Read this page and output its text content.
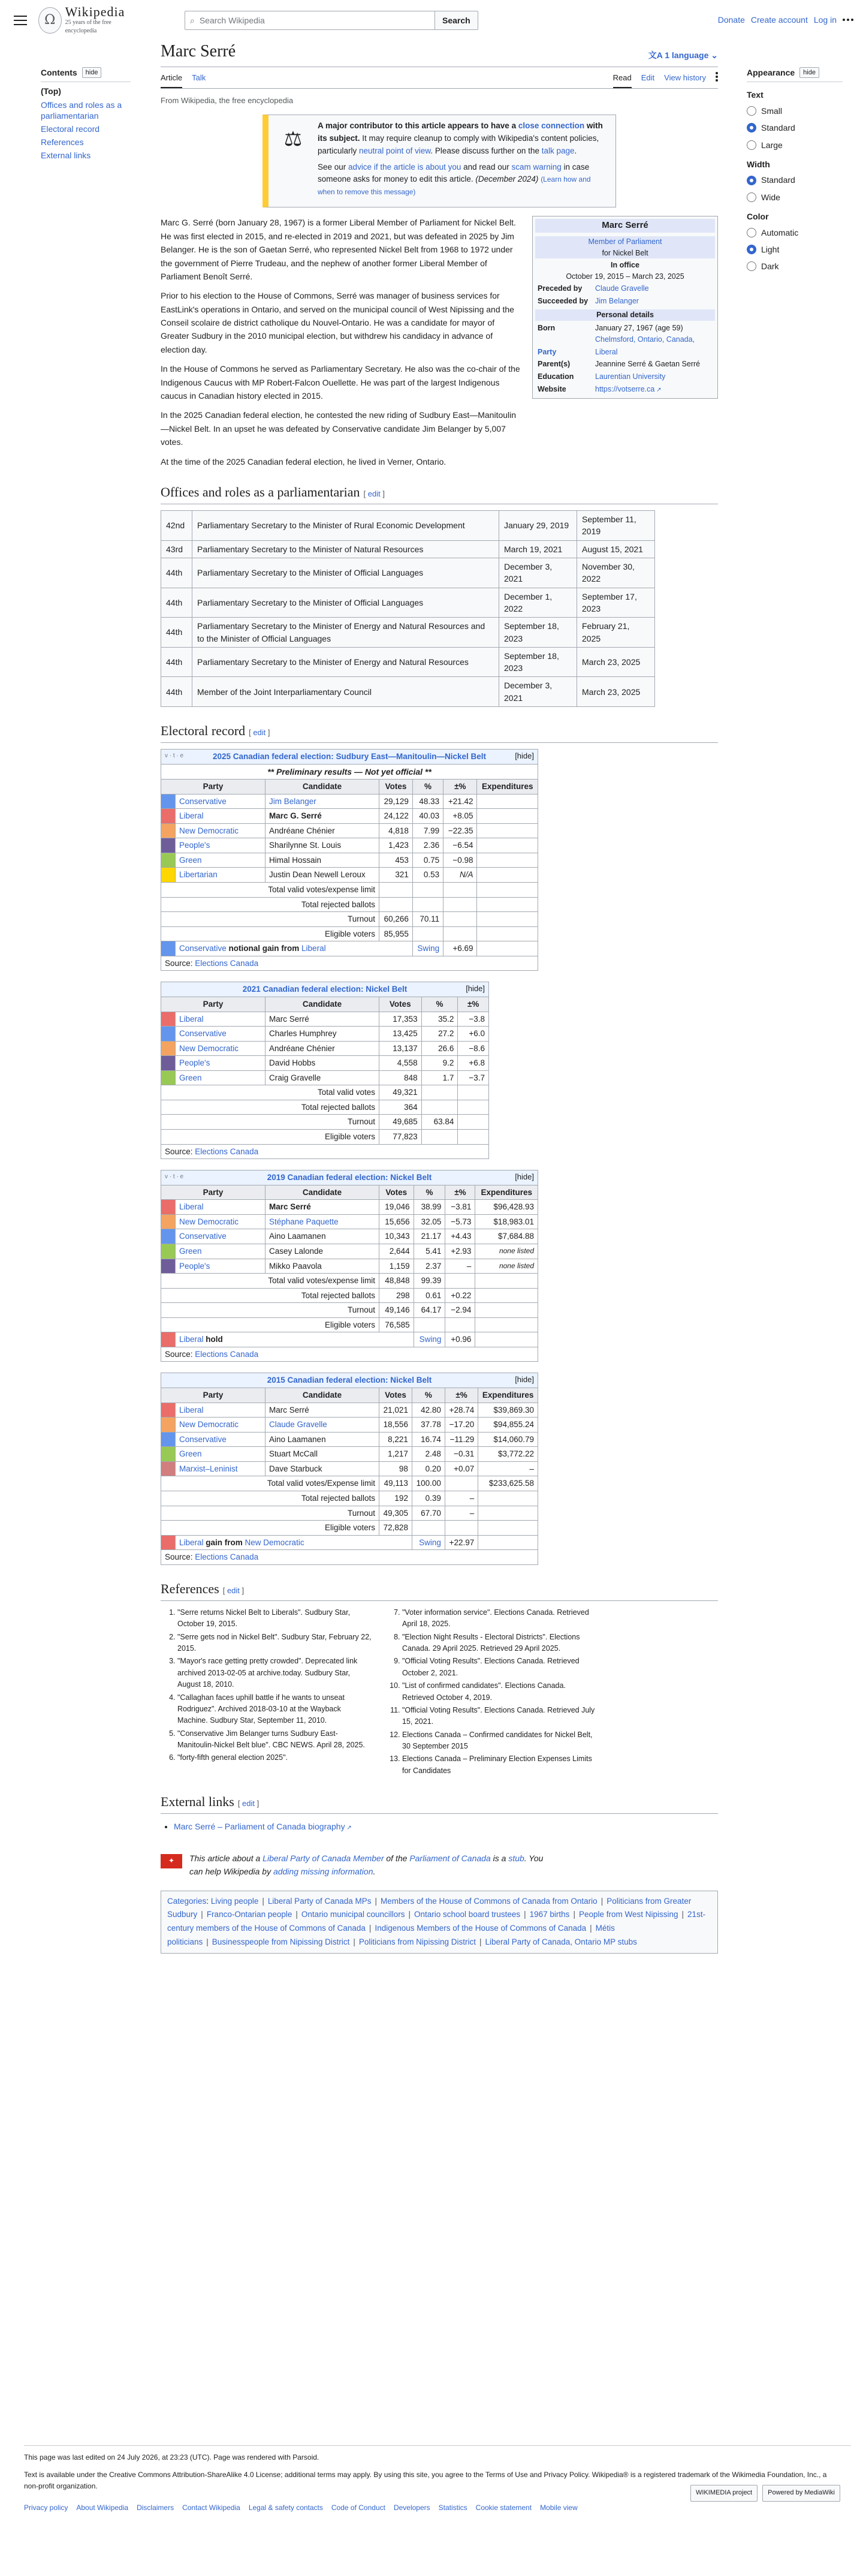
Ω
Wikipedia
25 years of the free encyclopedia
⌕ Search Wikipedia	Search	Donate Create account Log in
Contents	hide
(Top)
Offices and roles as a parliamentarian
Electoral record
References
External links
Appearance	hide
Text
Small
Standard
Large
Width
Standard
Wide
Color
Automatic
Light
Dark
Marc Serré	文A 1 language ⌄
Article Talk	Read Edit View history
From Wikipedia, the free encyclopedia
⚖

A major contributor to this article appears to have a close connection with its subject. It may require cleanup to comply with Wikipedia's content policies, particularly neutral point of view. Please discuss further on the talk page.

See our advice if the article is about you and read our scam warning in case someone asks for money to edit this article. (December 2024) (Learn how and when to remove this message)

Marc Serré
Member of Parliament
for Nickel Belt
In office
October 19, 2015 – March 23, 2025
Preceded by	Claude Gravelle
Succeeded by Jim Belanger
Personal details
Born	January 27, 1967 (age 59)
Chelmsford, Ontario, Canada,
Party	Liberal
Parent(s)	Jeannine Serré & Gaetan Serré
Education	Laurentian University
Website	https://votserre.ca ↗

Marc G. Serré (born January 28, 1967) is a former Liberal Member of Parliament for Nickel Belt. He was first elected in 2015, and re-elected in 2019 and 2021, but was defeated in 2025 by Jim Belanger. He is the son of Gaetan Serré, who represented Nickel Belt from 1968 to 1972 under the government of Pierre Trudeau, and the nephew of another former Liberal Member of Parliament Benoît Serré.

Prior to his election to the House of Commons, Serré was manager of business services for EastLink's operations in Ontario, and served on the municipal council of West Nipissing and the Conseil scolaire de district catholique du Nouvel-Ontario. He was a candidate for mayor of Greater Sudbury in the 2010 municipal election, but withdrew his candidacy in advance of election day.

In the House of Commons he served as Parliamentary Secretary. He also was the co-chair of the Indigenous Caucus with MP Robert-Falcon Ouellette. He was part of the largest Indigenous caucus in Canadian history elected in 2015.

In the 2025 Canadian federal election, he contested the new riding of Sudbury East—Manitoulin—Nickel Belt. In an upset he was defeated by Conservative candidate Jim Belanger by 5,007 votes.

At the time of the 2025 Canadian federal election, he lived in Verner, Ontario.

Offices and roles as a parliamentarian [ edit ]
42nd	Parliamentary Secretary to the Minister of Rural Economic Development	January 29, 2019	September 11, 2019
43rd	Parliamentary Secretary to the Minister of Natural Resources	March 19, 2021	August 15, 2021
44th	Parliamentary Secretary to the Minister of Official Languages	December 3, 2021	November 30, 2022
44th	Parliamentary Secretary to the Minister of Official Languages	December 1, 2022	September 17, 2023
44th	Parliamentary Secretary to the Minister of Energy and Natural Resources and to the Minister of Official Languages	September 18, 2023	February 21, 2025
44th	Parliamentary Secretary to the Minister of Energy and Natural Resources	September 18, 2023	March 23, 2025
44th	Member of the Joint Interparliamentary Council	December 3, 2021	March 23, 2025
Electoral record [ edit ]
v · t · e 2025 Canadian federal election: Sudbury East—Manitoulin—Nickel Belt [hide]						

** Preliminary results — Not yet official **						
Party		Candidate	Votes	%	±%	Expenditures
	Conservative	Jim Belanger	29,129	48.33	+21.42	
	Liberal	Marc G. Serré	24,122	40.03	+8.05	
	New Democratic	Andréane Chénier	4,818	7.99	−22.35	
	People's	Sharilynne St. Louis	1,423	2.36	−6.54	
	Green	Himal Hossain	453	0.75	−0.98	
	Libertarian	Justin Dean Newell Leroux	321	0.53	N/A	
Total valid votes/expense limit						
Total rejected ballots						
Turnout			60,266	70.11		
Eligible voters			85,955			
	Conservative notional gain from Liberal			Swing	+6.69	
Source: Elections Canada						
2021 Canadian federal election: Nickel Belt [hide]					

Party		Candidate	Votes	%	±%
	Liberal	Marc Serré	17,353	35.2	−3.8
	Conservative	Charles Humphrey	13,425	27.2	+6.0
	New Democratic	Andréane Chénier	13,137	26.6	−8.6
	People's	David Hobbs	4,558	9.2	+6.8
	Green	Craig Gravelle	848	1.7	−3.7
Total valid votes			49,321		
Total rejected ballots			364		
Turnout			49,685	63.84	
Eligible voters			77,823		
Source: Elections Canada					
v · t · e 2019 Canadian federal election: Nickel Belt [hide]						

Party		Candidate	Votes	%	±%	Expenditures
	Liberal	Marc Serré	19,046	38.99	−3.81	$96,428.93
	New Democratic	Stéphane Paquette	15,656	32.05	−5.73	$18,983.01
	Conservative	Aino Laamanen	10,343	21.17	+4.43	$7,684.88
	Green	Casey Lalonde	2,644	5.41	+2.93	none listed
	People's	Mikko Paavola	1,159	2.37	–	none listed
Total valid votes/expense limit			48,848	99.39		
Total rejected ballots			298	0.61	+0.22	
Turnout			49,146	64.17	−2.94	
Eligible voters			76,585			
	Liberal hold			Swing	+0.96	
Source: Elections Canada						
2015 Canadian federal election: Nickel Belt [hide]						

Party		Candidate	Votes	%	±%	Expenditures
	Liberal	Marc Serré	21,021	42.80	+28.74	$39,869.30
	New Democratic	Claude Gravelle	18,556	37.78	−17.20	$94,855.24
	Conservative	Aino Laamanen	8,221	16.74	−11.29	$14,060.79
	Green	Stuart McCall	1,217	2.48	−0.31	$3,772.22
	Marxist–Leninist	Dave Starbuck	98	0.20	+0.07	–
Total valid votes/Expense limit			49,113	100.00		$233,625.58
Total rejected ballots			192	0.39	–	
Turnout			49,305	67.70	–	
Eligible voters			72,828			
	Liberal gain from New Democratic			Swing	+22.97	
Source: Elections Canada						
References [ edit ]
1. "Serre returns Nickel Belt to Liberals". Sudbury Star, October 19, 2015.
2. "Serre gets nod in Nickel Belt". Sudbury Star, February 22, 2015.
3. "Mayor's race getting pretty crowded". Deprecated link archived 2013-02-05 at archive.today. Sudbury Star, August 18, 2010.
4. "Callaghan faces uphill battle if he wants to unseat Rodriguez". Archived 2018-03-10 at the Wayback Machine. Sudbury Star, September 11, 2010.
5. "Conservative Jim Belanger turns Sudbury East-Manitoulin-Nickel Belt blue". CBC NEWS. April 28, 2025.
6. "forty-fifth general election 2025".
7. "Voter information service". Elections Canada. Retrieved April 18, 2025.
8. "Election Night Results - Electoral Districts". Elections Canada. 29 April 2025. Retrieved 29 April 2025.
9. "Official Voting Results". Elections Canada. Retrieved October 2, 2021.
10. "List of confirmed candidates". Elections Canada. Retrieved October 4, 2019.
11. "Official Voting Results". Elections Canada. Retrieved July 15, 2021.
12. Elections Canada – Confirmed candidates for Nickel Belt, 30 September 2015
13. Elections Canada – Preliminary Election Expenses Limits for Candidates
External links [ edit ]
• Marc Serré – Parliament of Canada biography ↗
✦	This article about a Liberal Party of Canada Member of the Parliament of Canada is a stub. You can help Wikipedia by adding missing information.
Categories: Living people | Liberal Party of Canada MPs | Members of the House of Commons of Canada from Ontario | Politicians from Greater Sudbury | Franco-Ontarian people | Ontario municipal councillors | Ontario school board trustees | 1967 births | People from West Nipissing | 21st-century members of the House of Commons of Canada | Indigenous Members of the House of Commons of Canada | Métis politicians | Businesspeople from Nipissing District | Politicians from Nipissing District | Liberal Party of Canada, Ontario MP stubs
This page was last edited on 24 July 2026, at 23:23 (UTC). Page was rendered with Parsoid.
Text is available under the Creative Commons Attribution-ShareAlike 4.0 License; additional terms may apply. By using this site, you agree to the Terms of Use and Privacy Policy. Wikipedia® is a registered trademark of the Wikimedia Foundation, Inc., a non-profit organization.
Privacy policy About Wikipedia Disclaimers Contact Wikipedia Legal & safety contacts Code of Conduct Developers Statistics Cookie statement Mobile view
WIKIMEDIA project	Powered by MediaWiki
